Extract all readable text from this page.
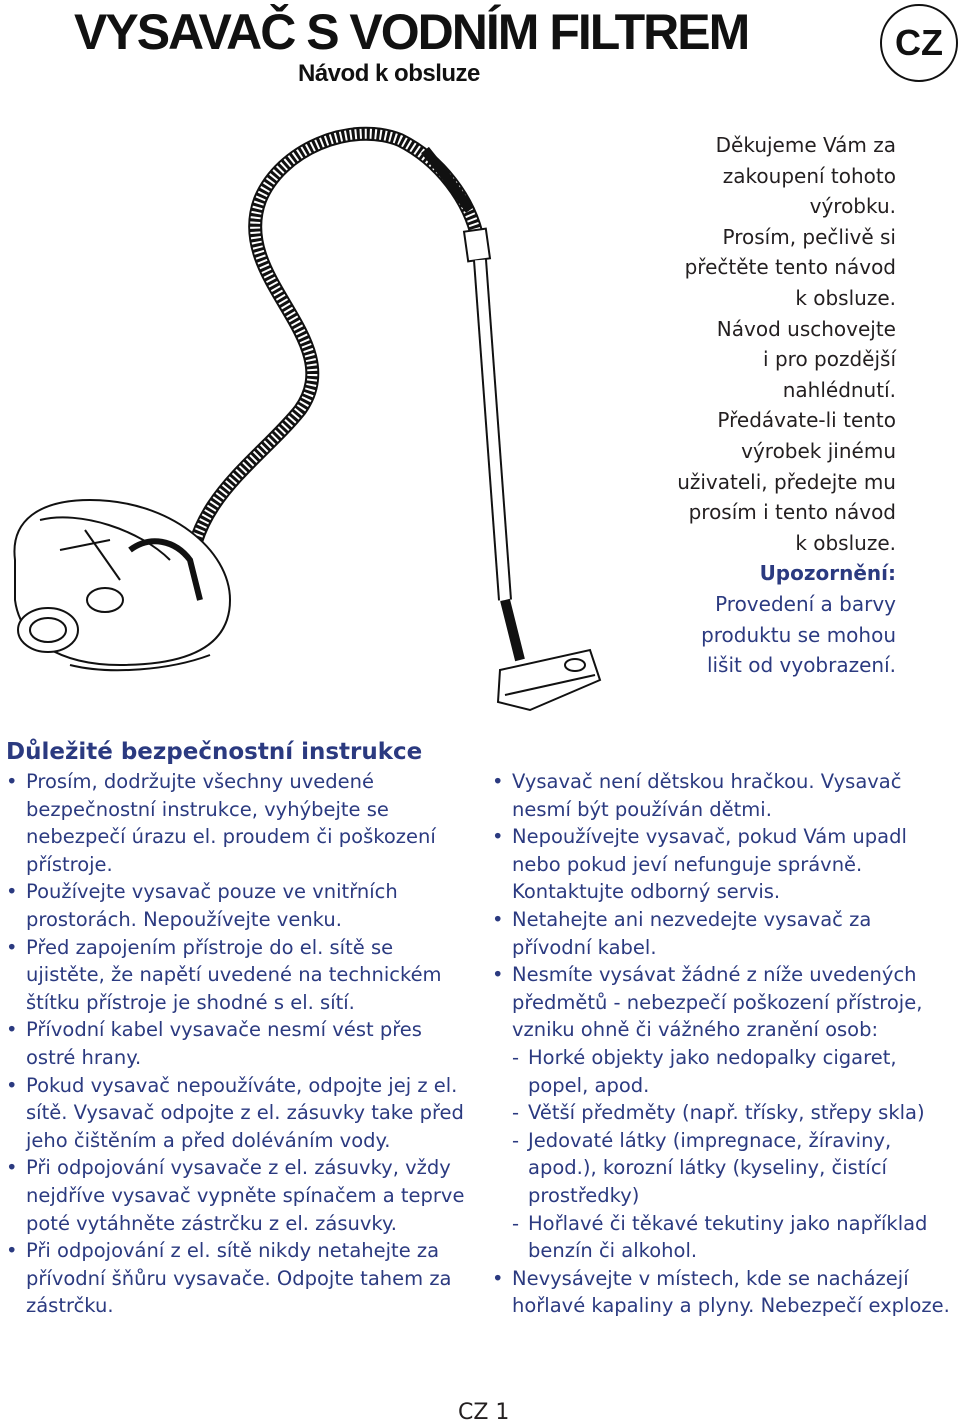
VYSAVAČ S VODNÍM FILTREM
Návod k obsluze
CZ
Děkujeme Vám za
zakoupení tohoto
výrobku.
Prosím, pečlivě si
přečtěte tento návod
k obsluze.
Návod uschovejte
i pro pozdější
nahlédnutí.
Předávate-li tento
výrobek jinému
uživateli, předejte mu
prosím i tento návod
k obsluze.
Upozornění:
Provedení a barvy
produktu se mohou
lišit od vyobrazení.
Důležité bezpečnostní instrukce
• Prosím, dodržujte všechny uvedené bezpečnostní instrukce, vyhýbejte se nebezpečí úrazu el. proudem či poškození přístroje.
• Používejte vysavač pouze ve vnitřních prostorách. Nepoužívejte venku.
• Před zapojením přístroje do el. sítě se ujistěte, že napětí uvedené na technickém štítku přístroje je shodné s el. sítí.
• Přívodní kabel vysavače nesmí vést přes ostré hrany.
• Pokud vysavač nepoužíváte, odpojte jej z el. sítě. Vysavač odpojte z el. zásuvky take před jeho čištěním a před doléváním vody.
• Při odpojování vysavače z el. zásuvky, vždy nejdříve vysavač vypněte spínačem a teprve poté vytáhněte zástrčku z el. zásuvky.
• Při odpojování z el. sítě nikdy netahejte za přívodní šňůru vysavače. Odpojte tahem za zástrčku.
• Vysavač není dětskou hračkou. Vysavač nesmí být používán dětmi.
• Nepoužívejte vysavač, pokud Vám upadl nebo pokud jeví nefunguje správně. Kontaktujte odborný servis.
• Netahejte ani nezvedejte vysavač za přívodní kabel.
• Nesmíte vysávat žádné z níže uvedených předmětů - nebezpečí poškození přístroje, vzniku ohně či vážného zranění osob:
- Horké objekty jako nedopalky cigaret, popel, apod.
- Větší předměty (např. třísky, střepy skla)
- Jedovaté látky (impregnace, žíraviny, apod.), korozní látky (kyseliny, čistící prostředky)
- Hořlavé či těkavé tekutiny jako například benzín či alkohol.
• Nevysávejte v místech, kde se nacházejí hořlavé kapaliny a plyny. Nebezpečí exploze.
CZ 1
